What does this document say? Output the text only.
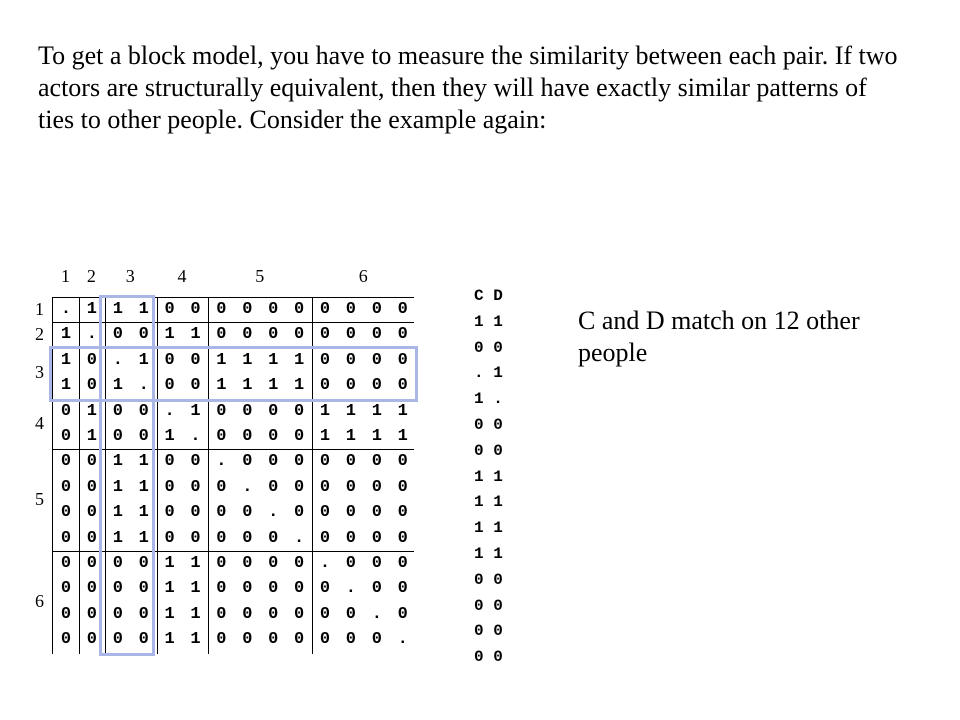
To get a block model, you have to measure the similarity between each pair. If two actors are structurally equivalent, then they will have exactly similar patterns of ties to other people. Consider the example again:

1 2 3 4	5	6
1
2
3
4
5
6
. 1 1 1 0 0 0 0 0 0 0 0 0 0
1 . 0 0 1 1 0 0 0 0 0 0 0 0
1 0 . 1 0 0 1 1 1 1 0 0 0 0
1 0 1 . 0 0 1 1 1 1 0 0 0 0
0 1 0 0 . 1 0 0 0 0 1 1 1 1
0 1 0 0 1 . 0 0 0 0 1 1 1 1
0 0 1 1 0 0 . 0 0 0 0 0 0 0
0 0 1 1 0 0 0 . 0 0 0 0 0 0
0 0 1 1 0 0 0 0 . 0 0 0 0 0
0 0 1 1 0 0 0 0 0 . 0 0 0 0
0 0 0 0 1 1 0 0 0 0 . 0 0 0
0 0 0 0 1 1 0 0 0 0 0 . 0 0
0 0 0 0 1 1 0 0 0 0 0 0 . 0
0 0 0 0 1 1 0 0 0 0 0 0 0 .
C D
1 1
0 0
. 1
1 .
0 0
0 0
1 1
1 1
1 1
1 1
0 0
0 0
0 0
0 0

C and D match on 12 other people
